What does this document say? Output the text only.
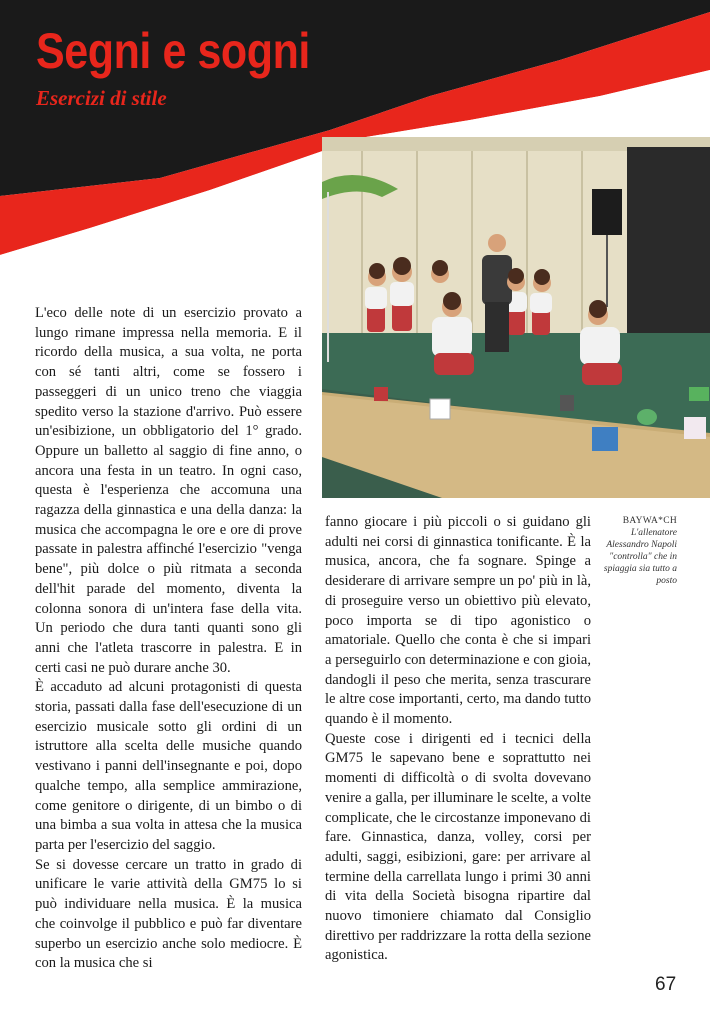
Segni e sogni
Esercizi di stile
BAYWA*CH
L'allenatore Alessandro Napoli "controlla" che in spiaggia sia tutto a posto

L'eco delle note di un esercizio provato a lungo rimane impressa nella memoria. E il ricordo della musica, a sua volta, ne porta con sé tanti altri, come se fossero i passeggeri di un unico treno che viaggia spedito verso la stazione d'arrivo. Può essere un'esibizione, un obbligatorio del 1° grado. Oppure un balletto al saggio di fine anno, o ancora una festa in un teatro. In ogni caso, questa è l'esperienza che accomuna una ragazza della ginnastica e una della danza: la musica che accompagna le ore e ore di prove passate in palestra affinché l'esercizio "venga bene", più dolce o più ritmata a seconda dell'hit parade del momento, diventa la colonna sonora di un'intera fase della vita. Un periodo che dura tanti quanti sono gli anni che l'atleta trascorre in palestra. E in certi casi ne può durare anche 30.

È accaduto ad alcuni protagonisti di questa storia, passati dalla fase dell'esecuzione di un esercizio musicale sotto gli ordini di un istruttore alla scelta delle musiche quando vestivano i panni dell'insegnante e poi, dopo qualche tempo, alla semplice ammirazione, come genitore o dirigente, di un bimbo o di una bimba a sua volta in attesa che la musica parta per l'esercizio del saggio.

Se si dovesse cercare un tratto in grado di unificare le varie attività della GM75 lo si può individuare nella musica. È la musica che coinvolge il pubblico e può far diventare superbo un esercizio anche solo mediocre. È con la musica che si

fanno giocare i più piccoli o si guidano gli adulti nei corsi di ginnastica tonificante. È la musica, ancora, che fa sognare. Spinge a desiderare di arrivare sempre un po' più in là, di proseguire verso un obiettivo più elevato, poco importa se di tipo agonistico o amatoriale. Quello che conta è che si impari a perseguirlo con determinazione e con gioia, dandogli il peso che merita, senza trascurare le altre cose importanti, certo, ma dando tutto quando è il momento.

Queste cose i dirigenti ed i tecnici della GM75 le sapevano bene e soprattutto nei momenti di difficoltà o di svolta dovevano venire a galla, per illuminare le scelte, a volte complicate, che le circostanze imponevano di fare. Ginnastica, danza, volley, corsi per adulti, saggi, esibizioni, gare: per arrivare al termine della carrellata lungo i primi 30 anni di vita della Società bisogna ripartire dal nuovo timoniere chiamato dal Consiglio direttivo per raddrizzare la rotta della sezione agonistica.

67
